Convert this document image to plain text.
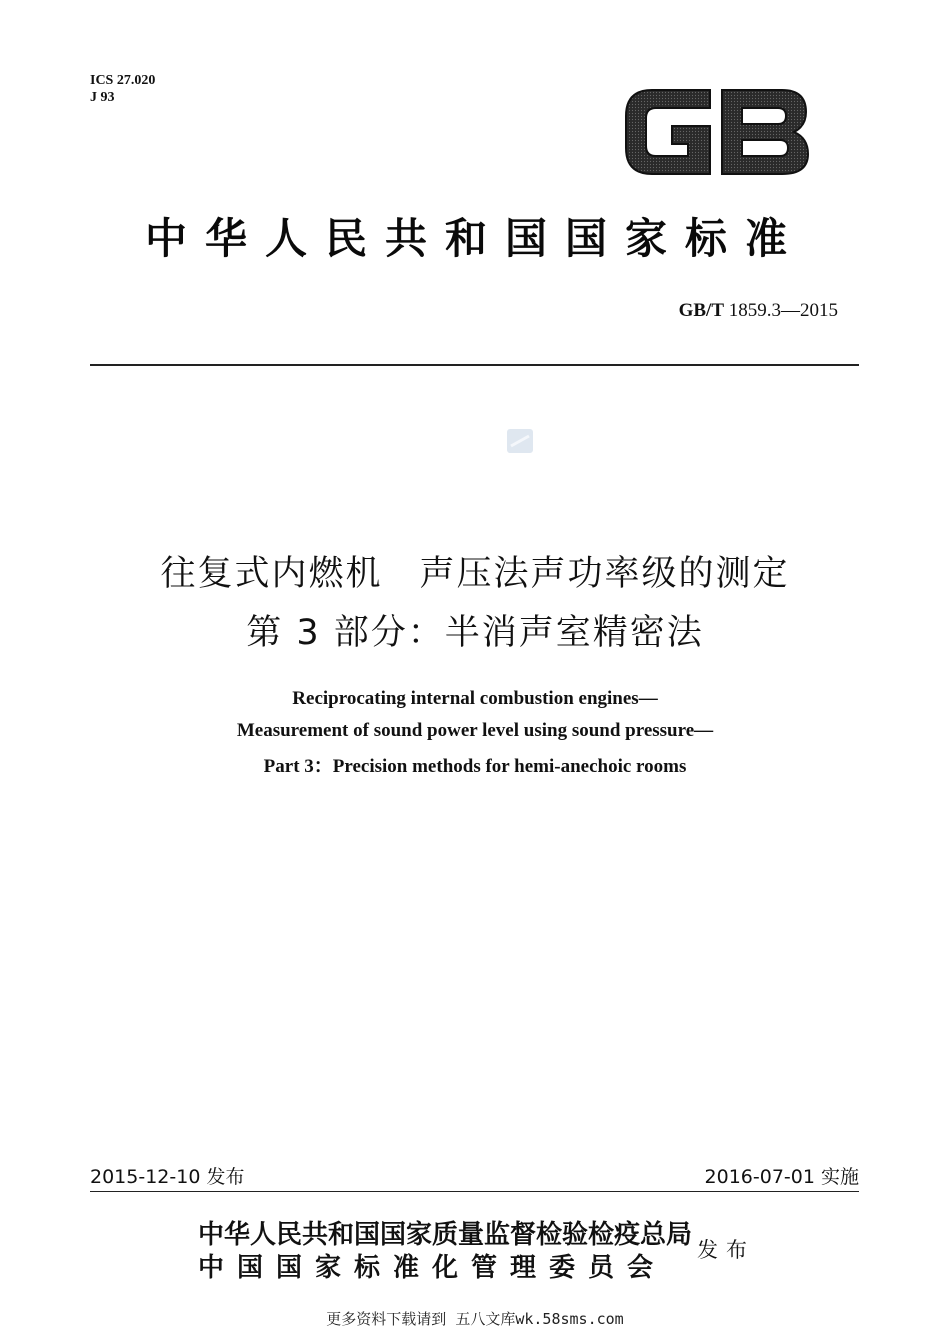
ICS 27.020
J 93
中华人民共和国国家标准
GB/T 1859.3—2015
往复式内燃机　声压法声功率级的测定
第 3 部分：半消声室精密法
Reciprocating internal combustion engines—
Measurement of sound power level using sound pressure—
Part 3：Precision methods for hemi-anechoic rooms
2015-12-10 发布	2016-07-01 实施
中华人民共和国国家质量监督检验检疫总局
中国国家标准化管理委员会
发布
更多资料下载请到 五八文库wk.58sms.com
